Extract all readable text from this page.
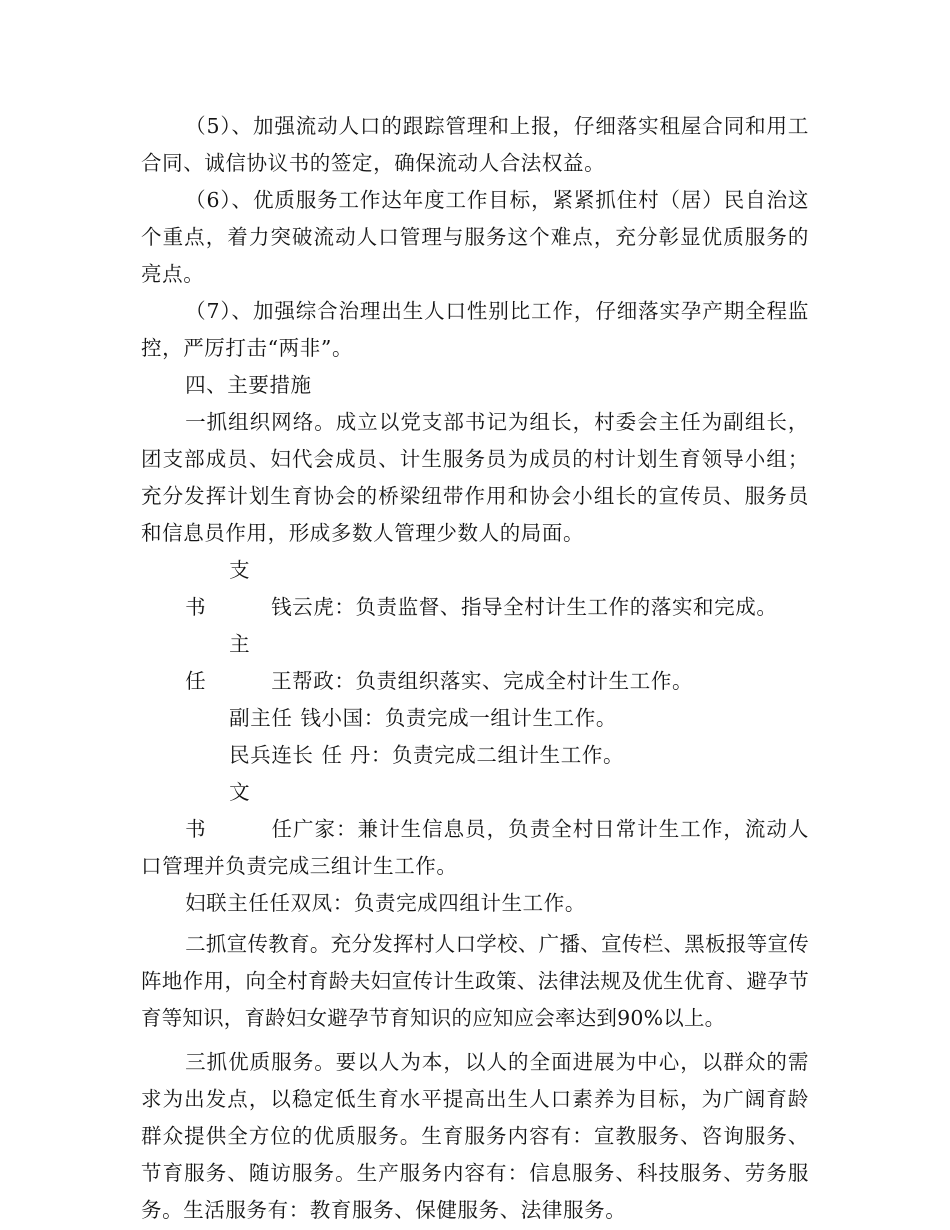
（5）、加强流动人口的跟踪管理和上报，仔细落实租屋合同和用工合同、诚信协议书的签定，确保流动人合法权益。

（6）、优质服务工作达年度工作目标，紧紧抓住村（居）民自治这个重点，着力突破流动人口管理与服务这个难点，充分彰显优质服务的亮点。

（7）、加强综合治理出生人口性别比工作，仔细落实孕产期全程监控，严厉打击“两非”。

四、主要措施

一抓组织网络。成立以党支部书记为组长，村委会主任为副组长，团支部成员、妇代会成员、计生服务员为成员的村计划生育领导小组；充分发挥计划生育协会的桥梁纽带作用和协会小组长的宣传员、服务员和信息员作用，形成多数人管理少数人的局面。

支书	钱云虎：负责监督、指导全村计生工作的落实和完成。

主任	王帮政：负责组织落实、完成全村计生工作。

副主任 钱小国：负责完成一组计生工作。

民兵连长 任 丹：负责完成二组计生工作。

文书	任广家：兼计生信息员，负责全村日常计生工作，流动人口管理并负责完成三组计生工作。

妇联主任任双凤：负责完成四组计生工作。

二抓宣传教育。充分发挥村人口学校、广播、宣传栏、黑板报等宣传阵地作用，向全村育龄夫妇宣传计生政策、法律法规及优生优育、避孕节育等知识，育龄妇女避孕节育知识的应知应会率达到90%以上。

三抓优质服务。要以人为本，以人的全面进展为中心，以群众的需求为出发点，以稳定低生育水平提高出生人口素养为目标，为广阔育龄群众提供全方位的优质服务。生育服务内容有：宣教服务、咨询服务、节育服务、随访服务。生产服务内容有：信息服务、科技服务、劳务服务。生活服务有：教育服务、保健服务、法律服务。
